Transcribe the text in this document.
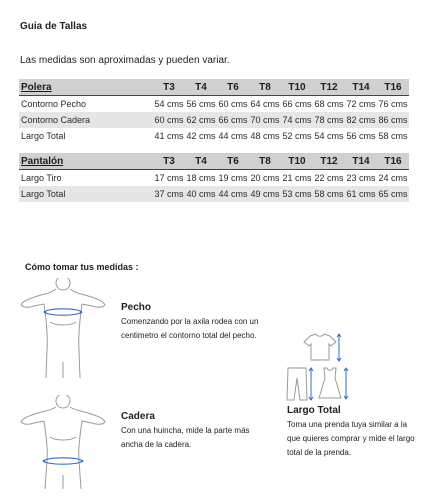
Guia de Tallas
Las medidas son aproximadas y pueden variar.
Polera	T3	T4	T6	T8	T10	T12	T14	T16
Contorno Pecho	54 cms	56 cms	60 cms	64 cms	66 cms	68 cms	72 cms	76 cms
Contorno Cadera	60 cms	62 cms	66 cms	70 cms	74 cms	78 cms	82 cms	86 cms
Largo Total	41 cms	42 cms	44 cms	48 cms	52 cms	54 cms	56 cms	58 cms
Pantalón	T3	T4	T6	T8	T10	T12	T14	T16
Largo Tiro	17 cms	18 cms	19 cms	20 cms	21 cms	22 cms	23 cms	24 cms
Largo Total	37 cms	40 cms	44 cms	49 cms	53 cms	58 cms	61 cms	65 cms
Cómo tomar tus medidas :
Pecho
Comenzando por la axila rodea con un centimetro el contorno total del pecho.
Cadera
Con una huincha, mide la parte más ancha de la cadera.
Largo Total
Toma una prenda tuya similar a la que quieres comprar y mide el largo total de la prenda.
